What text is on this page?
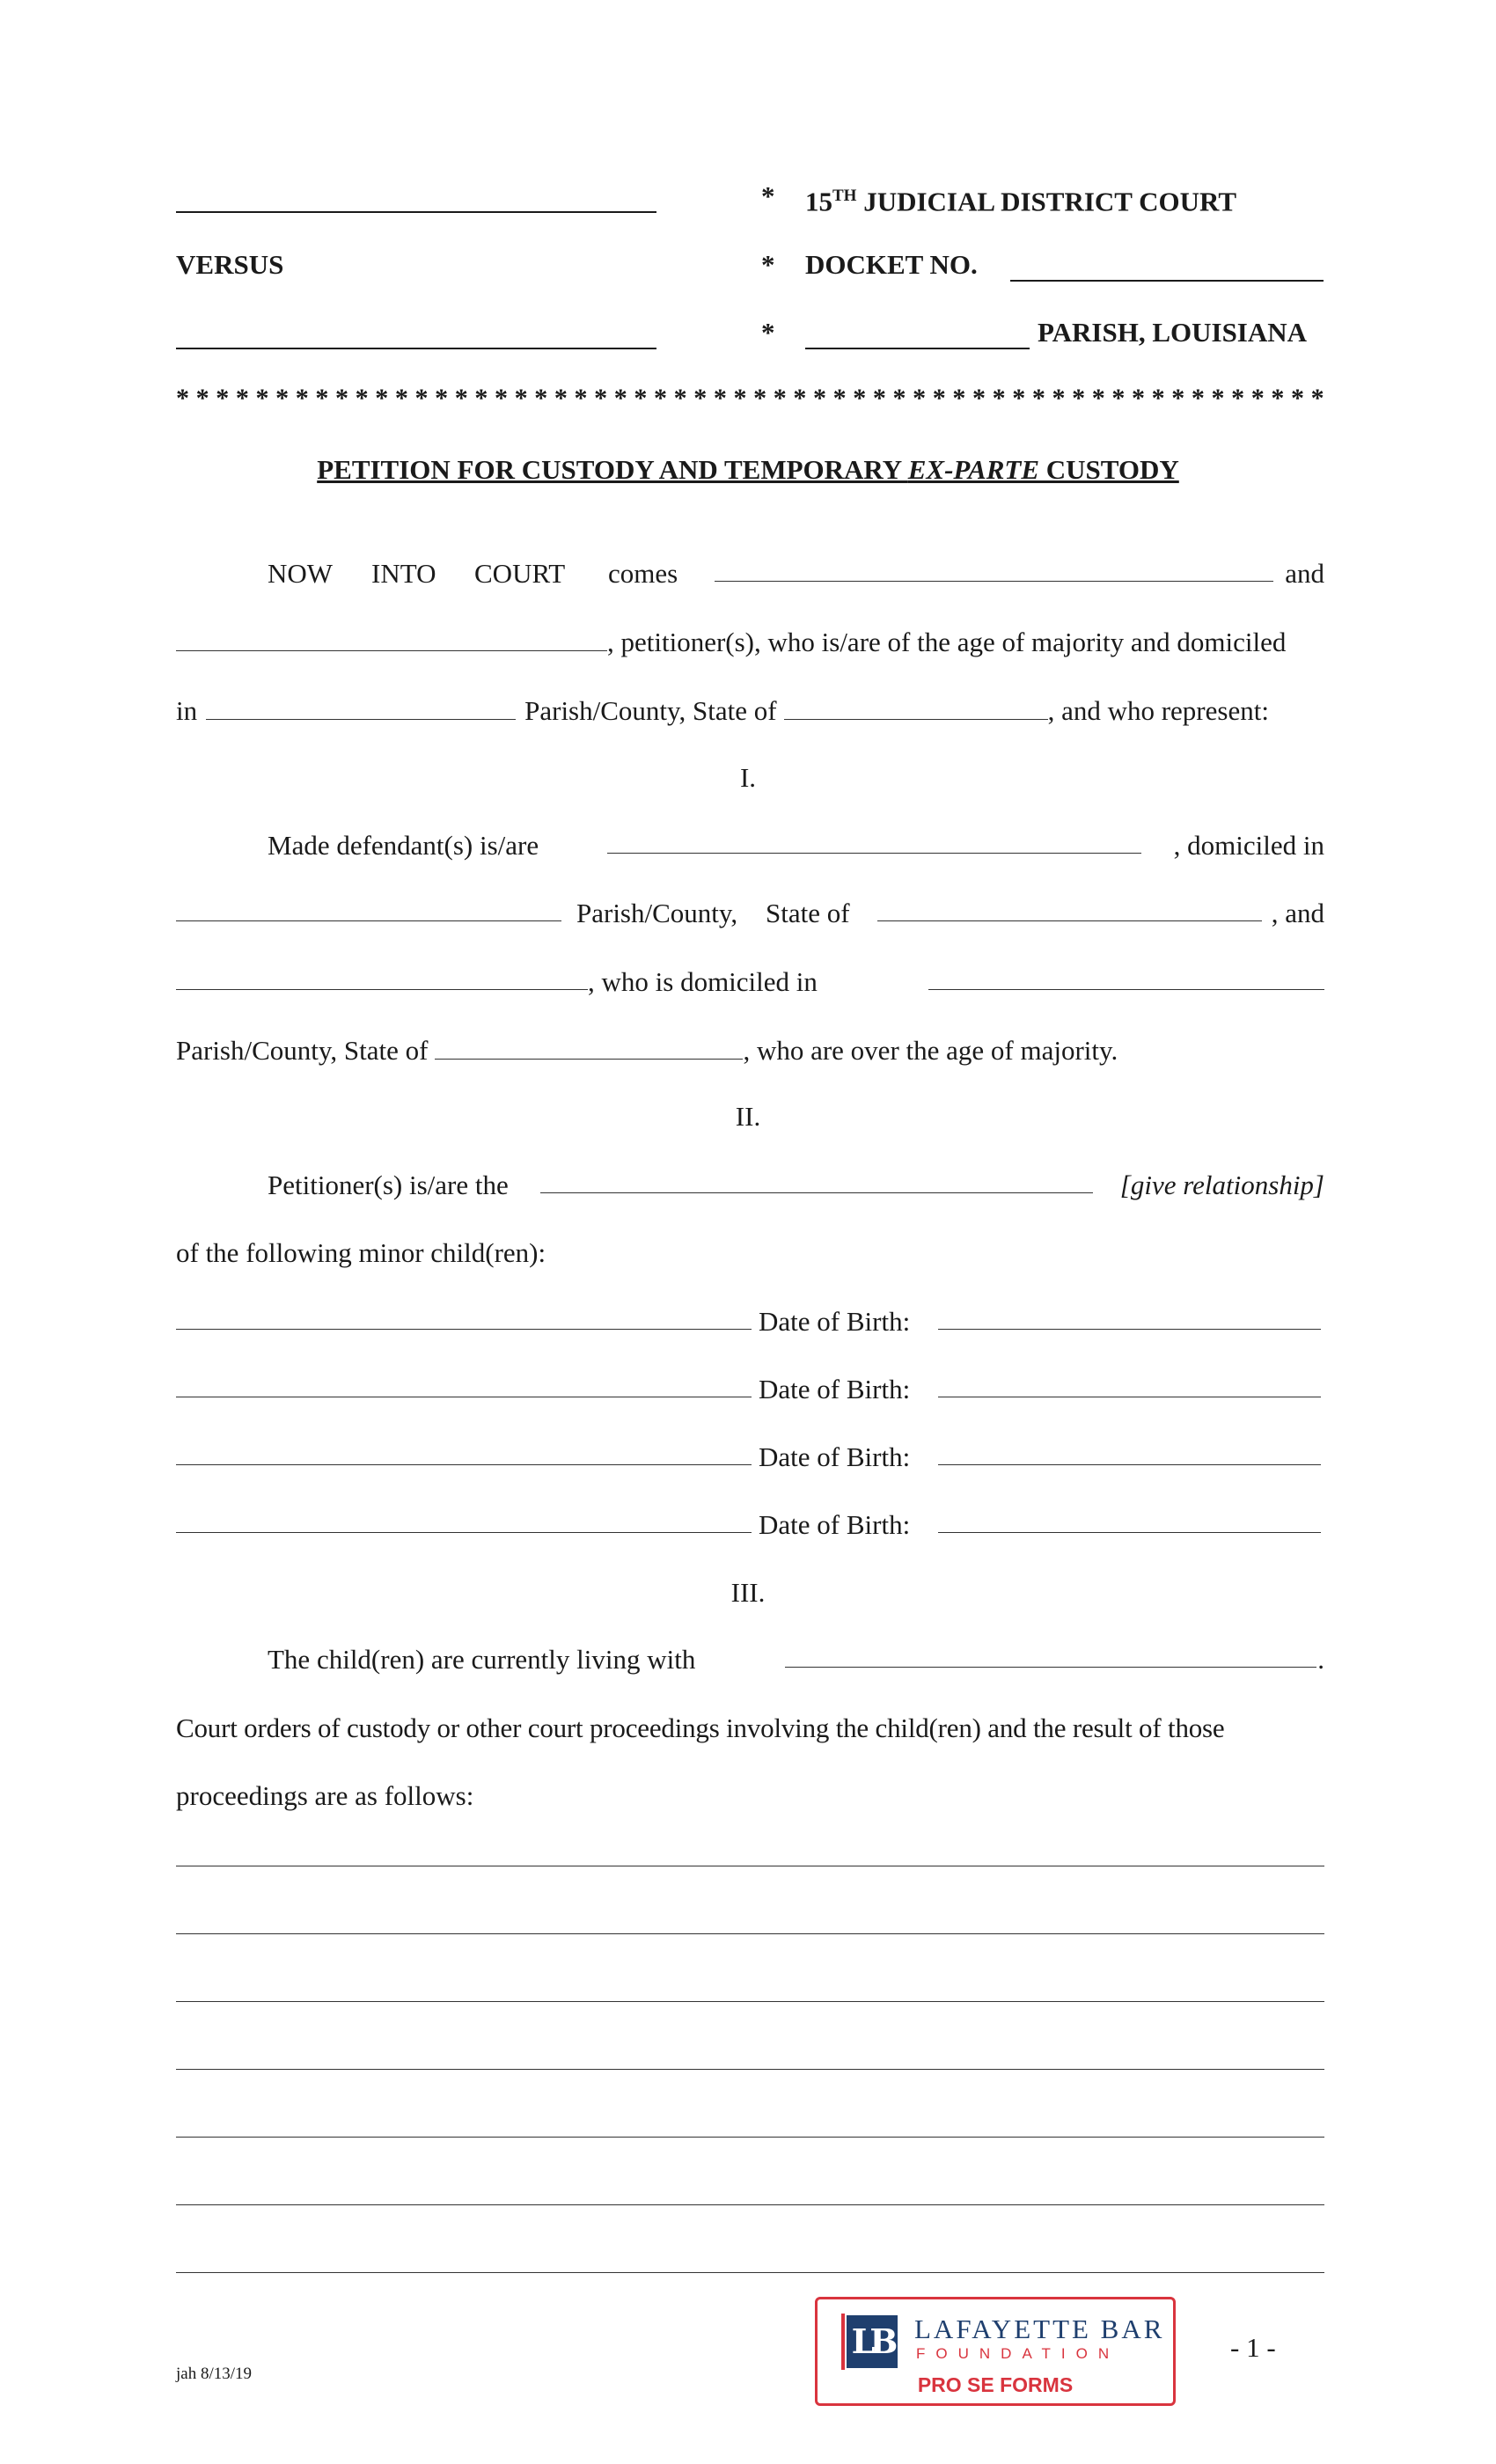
* 15TH JUDICIAL DISTRICT COURT
VERSUS	* DOCKET NO.
*	PARISH, LOUISIANA
* * * * * * * * * * * * * * * * * * * * * * * * * * * * * * * * * * * * * * * * * * * * * * * * * * * * * * * * * *
PETITION FOR CUSTODY AND TEMPORARY EX-PARTE CUSTODY
NOW INTO COURT comes	and
, petitioner(s), who is/are of the age of majority and domiciled
in	Parish/County, State of	, and who represent:
I.
Made defendant(s) is/are	, domiciled in
Parish/County, State of	, and
, who is domiciled in
Parish/County, State of	, who are over the age of majority.
II.
Petitioner(s) is/are the	[give relationship]
of the following minor child(ren):
Date of Birth:
Date of Birth:
Date of Birth:
Date of Birth:
III.
The child(ren) are currently living with	.
Court orders of custody or other court proceedings involving the child(ren) and the result of those
proceedings are as follows:
jah 8/13/19
LB LAFAYETTE BAR
FOUNDATION
PRO SE FORMS
- 1 -
